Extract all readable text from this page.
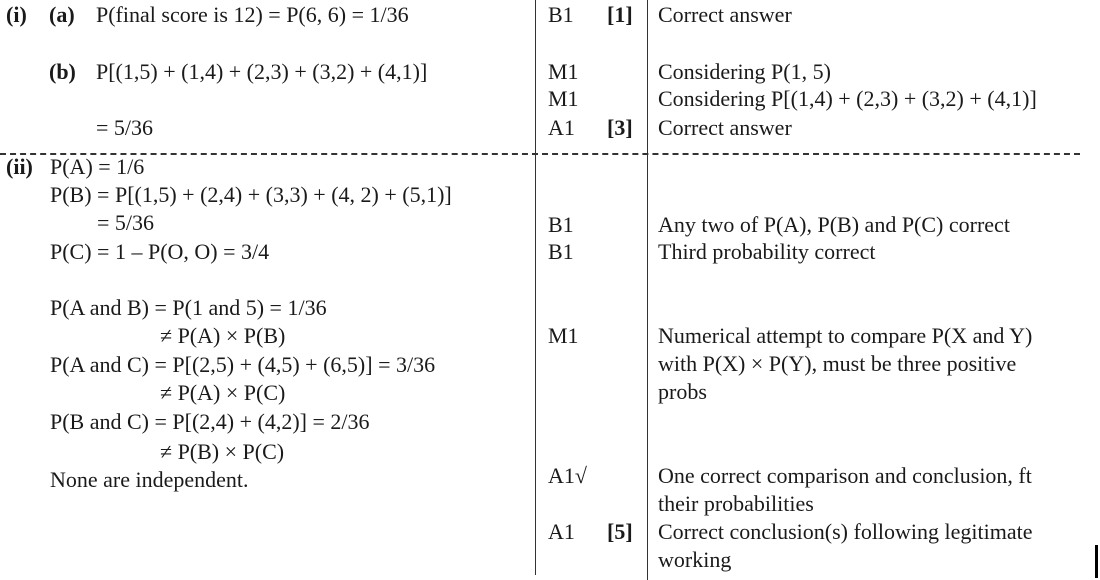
(i) (a) P(final score is 12) = P(6, 6) = 1/36	B1 [1] Correct answer
(b) P[(1,5) + (1,4) + (2,3) + (3,2) + (4,1)]
= 5/36
M1
M1
A1 [3]
Considering P(1, 5)
Considering P[(1,4) + (2,3) + (3,2) + (4,1)]
Correct answer
(ii) P(A) = 1/6
P(B) = P[(1,5) + (2,4) + (3,3) + (4, 2) + (5,1)]
= 5/36
P(C) = 1 – P(O, O) = 3/4
P(A and B) = P(1 and 5) = 1/36
≠ P(A) × P(B)
P(A and C) = P[(2,5) + (4,5) + (6,5)] = 3/36
≠ P(A) × P(C)
P(B and C) = P[(2,4) + (4,2)] = 2/36
≠ P(B) × P(C)
None are independent.
B1
B1
M1
A1√
A1 [5]
Any two of P(A), P(B) and P(C) correct
Third probability correct
Numerical attempt to compare P(X and Y)
with P(X) × P(Y), must be three positive
probs
One correct comparison and conclusion, ft
their probabilities
Correct conclusion(s) following legitimate
working
